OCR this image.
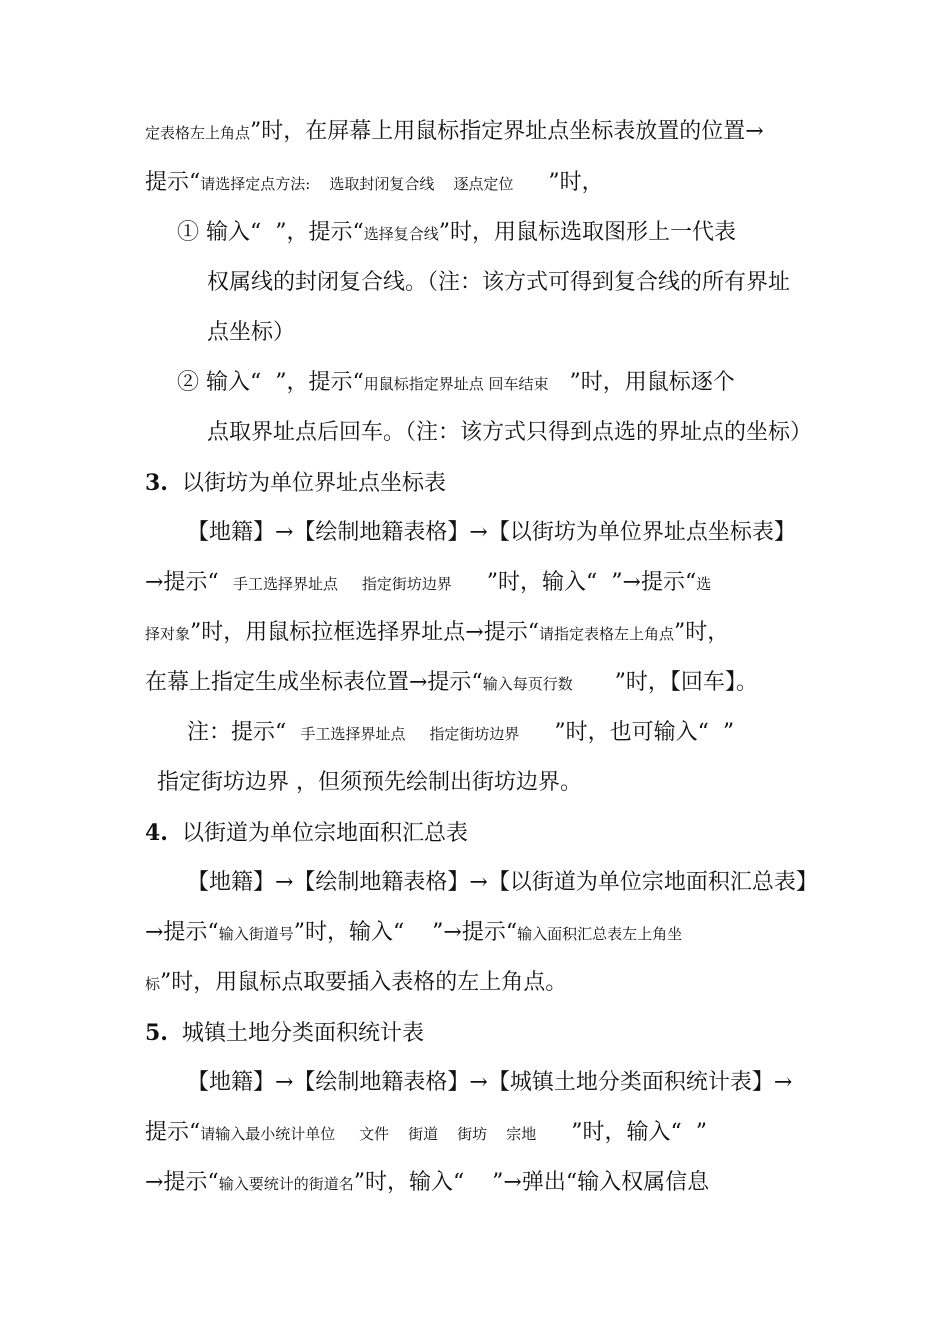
定表格左上角点”时，在屏幕上用鼠标指定界址点坐标表放置的位置→
提示“请选择定点方法:    选取封闭复合线    逐点定位     ”时，
① 输入“  ”，提示“选择复合线”时，用鼠标选取图形上一代表
权属线的封闭复合线。（注：该方式可得到复合线的所有界址
点坐标）
② 输入“  ”，提示“用鼠标指定界址点 回车结束   ”时，用鼠标逐个
点取界址点后回车。（注：该方式只得到点选的界址点的坐标）
3.  以街坊为单位界址点坐标表
【地籍】→【绘制地籍表格】→【以街坊为单位界址点坐标表】
→提示“   手工选择界址点     指定街坊边界     ”时，输入“  ”→提示“选
择对象”时，用鼠标拉框选择界址点→提示“请指定表格左上角点”时，
在幕上指定生成坐标表位置→提示“输入每页行数      ”时，【回车】。
注：提示“   手工选择界址点     指定街坊边界     ”时，也可输入“  ”
指定街坊边界 ，但须预先绘制出街坊边界。
4.  以街道为单位宗地面积汇总表
【地籍】→【绘制地籍表格】→【以街道为单位宗地面积汇总表】
→提示“输入街道号”时，输入“    ”→提示“输入面积汇总表左上角坐
标”时，用鼠标点取要插入表格的左上角点。
5.  城镇土地分类面积统计表
【地籍】→【绘制地籍表格】→【城镇土地分类面积统计表】→
提示“请输入最小统计单位     文件    街道    街坊    宗地     ”时，输入“  ”
→提示“输入要统计的街道名”时，输入“    ”→弹出“输入权属信息
